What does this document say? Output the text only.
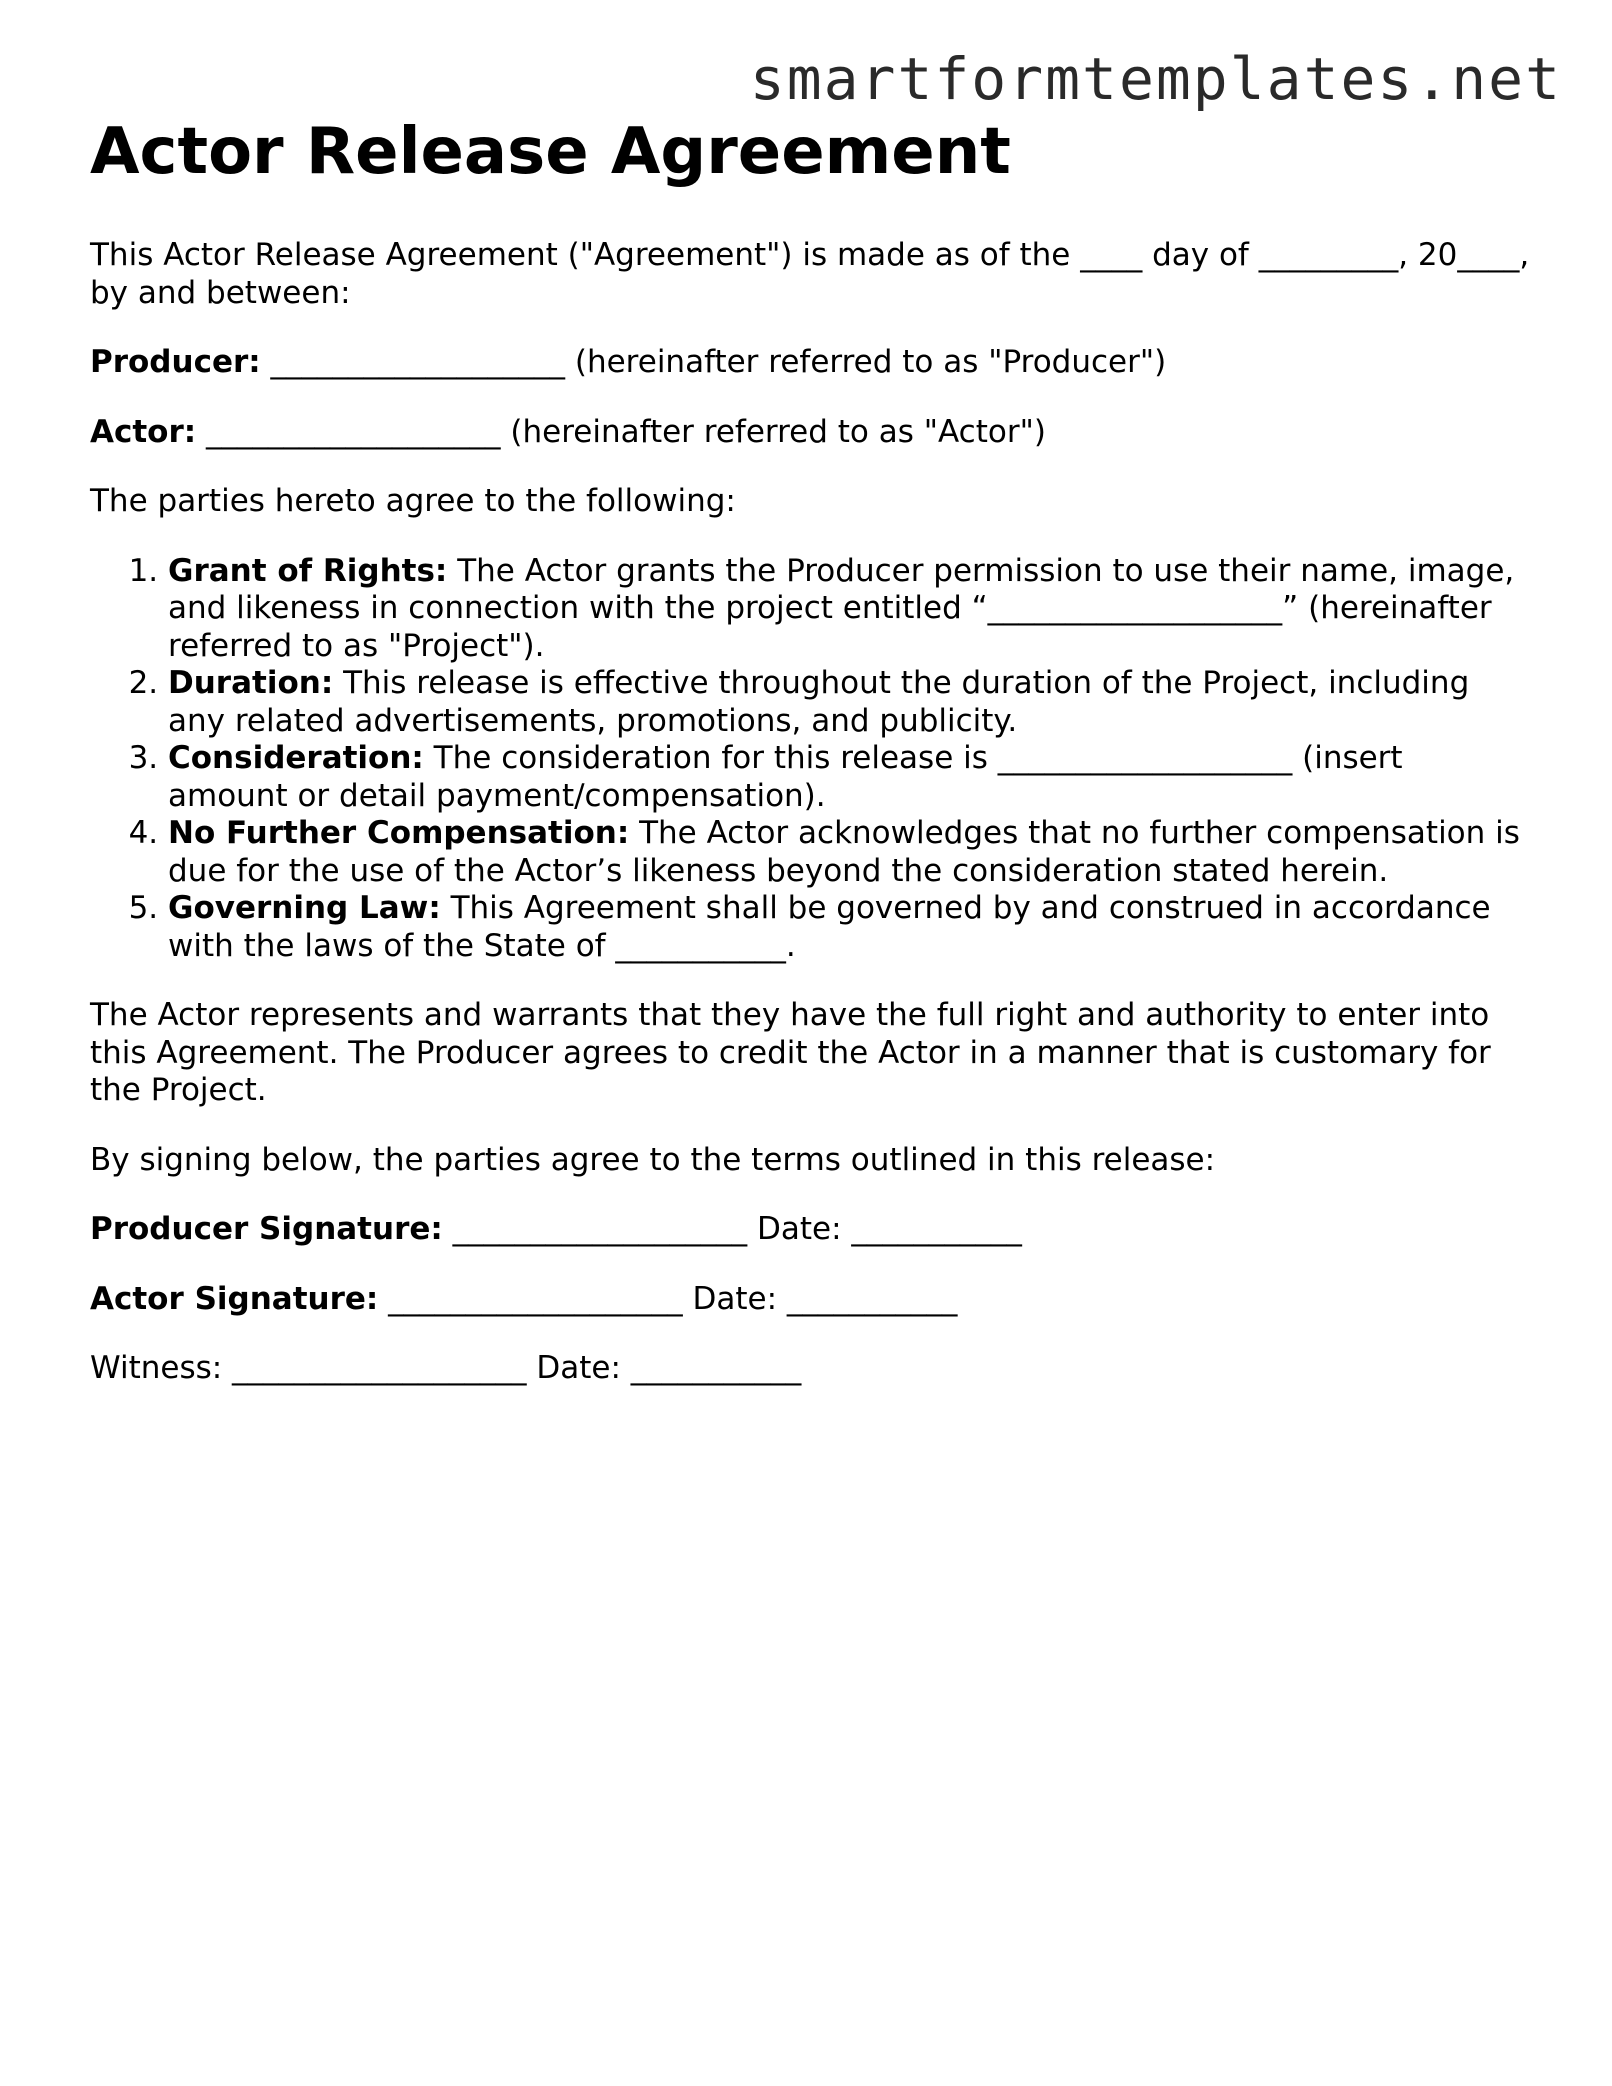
smartformtemplates.net
Actor Release Agreement

This Actor Release Agreement ("Agreement") is made as of the ____ day of _________, 20____, by and between:

Producer: ___________________ (hereinafter referred to as "Producer")

Actor: ___________________ (hereinafter referred to as "Actor")

The parties hereto agree to the following:

1. Grant of Rights: The Actor grants the Producer permission to use their name, image, and likeness in connection with the project entitled “___________________” (hereinafter referred to as "Project").
2. Duration: This release is effective throughout the duration of the Project, including any related advertisements, promotions, and publicity.
3. Consideration: The consideration for this release is ___________________ (insert amount or detail payment/compensation).
4. No Further Compensation: The Actor acknowledges that no further compensation is due for the use of the Actor’s likeness beyond the consideration stated herein.
5. Governing Law: This Agreement shall be governed by and construed in accordance with the laws of the State of ___________.

The Actor represents and warrants that they have the full right and authority to enter into this Agreement. The Producer agrees to credit the Actor in a manner that is customary for the Project.

By signing below, the parties agree to the terms outlined in this release:

Producer Signature: ___________________ Date: ___________

Actor Signature: ___________________ Date: ___________

Witness: ___________________ Date: ___________
